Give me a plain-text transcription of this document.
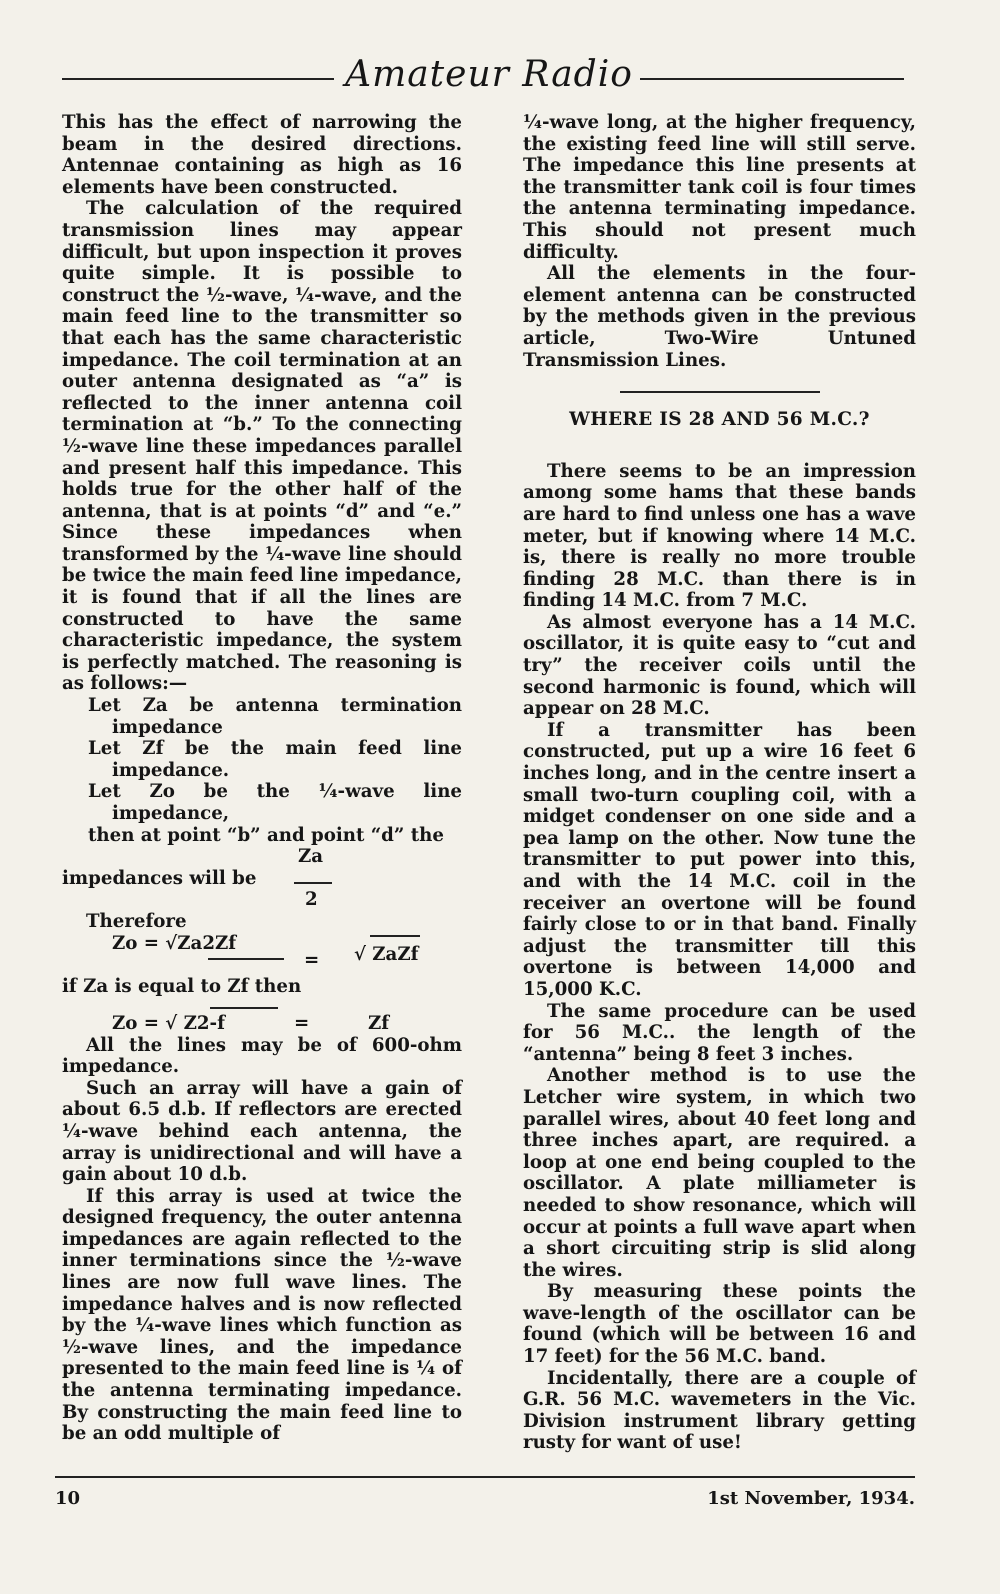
Amateur Radio

This has the effect of narrowing the beam in the desired directions. Antennae containing as high as 16 elements have been constructed.

The calculation of the required transmission lines may appear difficult, but upon inspection it proves quite simple. It is possible to construct the ½-wave, ¼-wave, and the main feed line to the transmitter so that each has the same characteristic impedance. The coil termination at an outer antenna designated as “a” is reflected to the inner antenna coil termination at “b.” To the connecting ½-wave line these impedances parallel and present half this impedance. This holds true for the other half of the antenna, that is at points “d” and “e.” Since these impedances when transformed by the ¼-wave line should be twice the main feed line impedance, it is found that if all the lines are constructed to have the same characteristic impedance, the system is perfectly matched. The reasoning is as follows:—

Let Za be antenna termination impedance

Let Zf be the main feed line impedance.

Let Zo be the ¼-wave line impedance,

then at point “b” and point “d” the

Za
impedances will be
2
Therefore
Zo = √Za2Zf
= √ ZaZf
if Za is equal to Zf then
Zo = √ Z2-f	=	Zf

All the lines may be of 600-ohm impedance.

Such an array will have a gain of about 6.5 d.b. If reflectors are erected ¼-wave behind each antenna, the array is unidirectional and will have a gain about 10 d.b.

If this array is used at twice the designed frequency, the outer antenna impedances are again reflected to the inner terminations since the ½-wave lines are now full wave lines. The impedance halves and is now reflected by the ¼-wave lines which function as ½-wave lines, and the impedance presented to the main feed line is ¼ of the antenna terminating impedance. By constructing the main feed line to be an odd multiple of

¼-wave long, at the higher frequency, the existing feed line will still serve. The impedance this line presents at the transmitter tank coil is four times the antenna terminating impedance. This should not present much difficulty.

All the elements in the four-element antenna can be constructed by the methods given in the previous article, Two-Wire Untuned Transmission Lines.

WHERE IS 28 AND 56 M.C.?

There seems to be an impression among some hams that these bands are hard to find unless one has a wave meter, but if knowing where 14 M.C. is, there is really no more trouble finding 28 M.C. than there is in finding 14 M.C. from 7 M.C.

As almost everyone has a 14 M.C. oscillator, it is quite easy to “cut and try” the receiver coils until the second harmonic is found, which will appear on 28 M.C.

If a transmitter has been constructed, put up a wire 16 feet 6 inches long, and in the centre insert a small two-turn coupling coil, with a midget condenser on one side and a pea lamp on the other. Now tune the transmitter to put power into this, and with the 14 M.C. coil in the receiver an overtone will be found fairly close to or in that band. Finally adjust the transmitter till this overtone is between 14,000 and 15,000 K.C.

The same procedure can be used for 56 M.C.. the length of the “antenna” being 8 feet 3 inches.

Another method is to use the Letcher wire system, in which two parallel wires, about 40 feet long and three inches apart, are required. a loop at one end being coupled to the oscillator. A plate milliameter is needed to show resonance, which will occur at points a full wave apart when a short circuiting strip is slid along the wires.

By measuring these points the wave-length of the oscillator can be found (which will be between 16 and 17 feet) for the 56 M.C. band.

Incidentally, there are a couple of G.R. 56 M.C. wavemeters in the Vic. Division instrument library getting rusty for want of use!

10	1st November, 1934.
